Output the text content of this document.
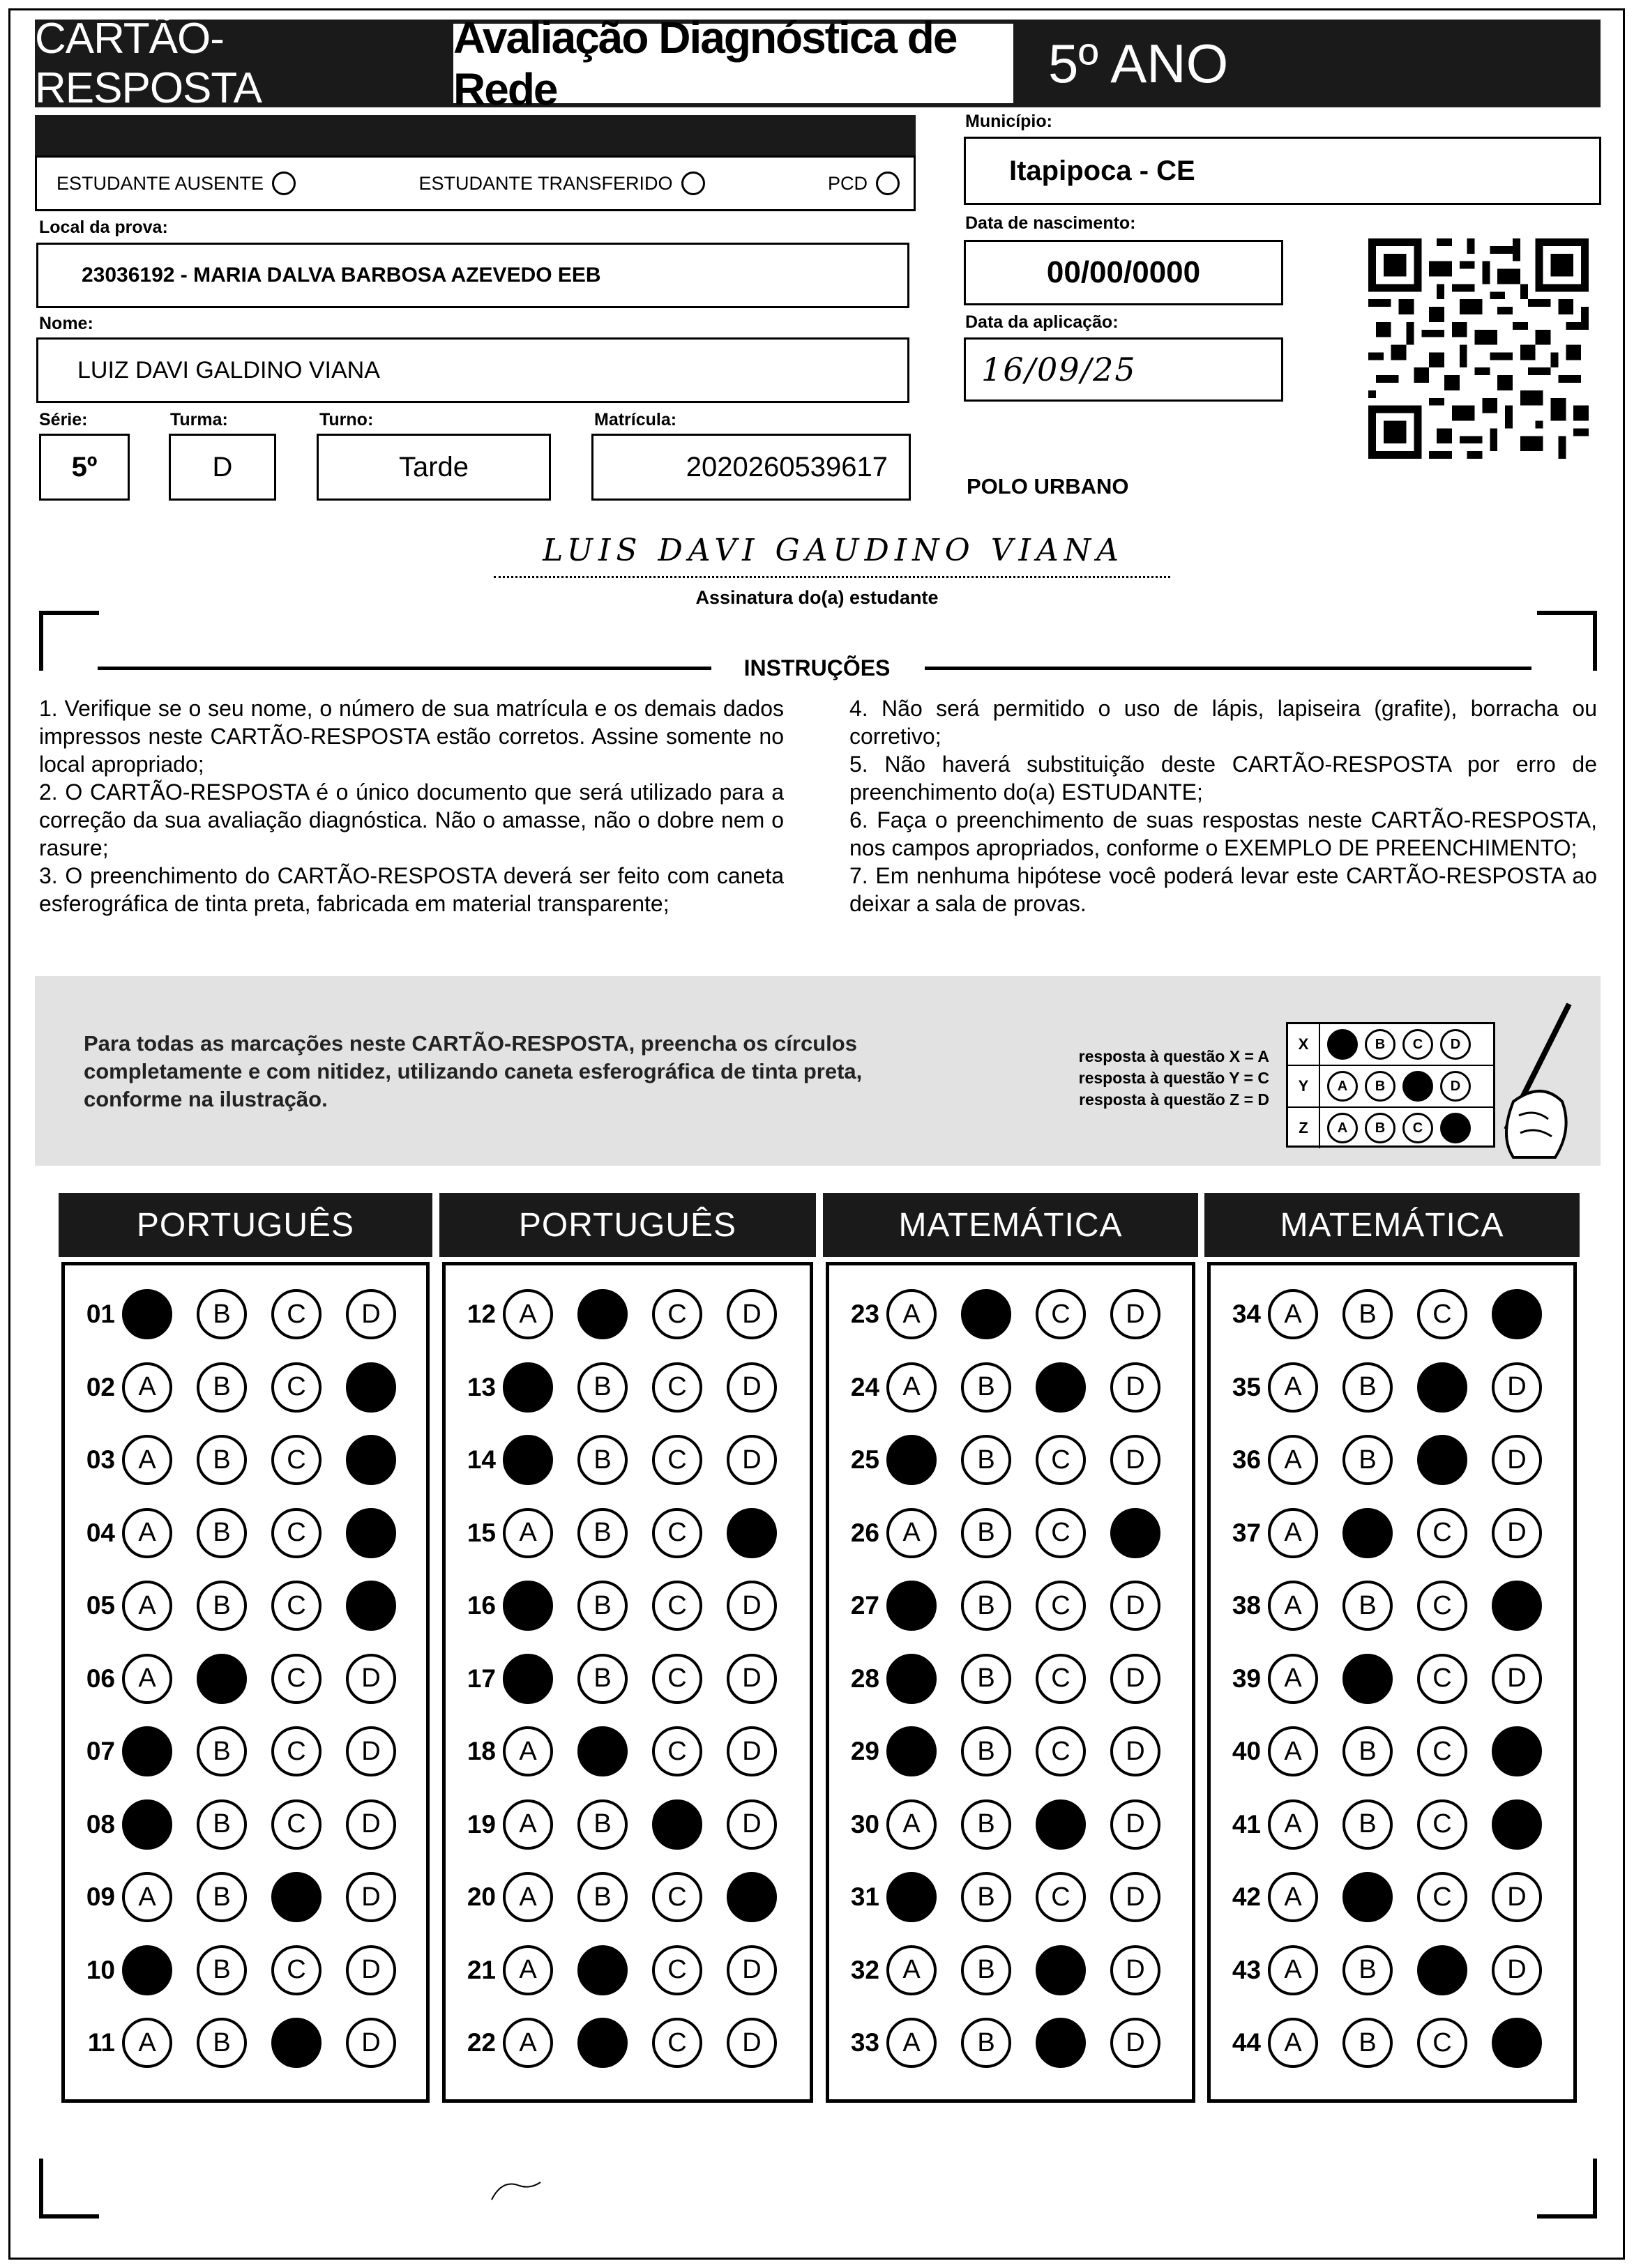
CARTÃO-RESPOSTA
Avaliação Diagnóstica de Rede	5º ANO
ESTUDANTE AUSENTE	ESTUDANTE TRANSFERIDO	PCD
Local da prova:
23036192 - MARIA DALVA BARBOSA AZEVEDO EEB
Nome:
LUIZ DAVI GALDINO VIANA
Série:	Turma:	Turno:	Matrícula:
5º	D	Tarde	2020260539617
Município:
Itapipoca - CE
Data de nascimento:
00/00/0000
Data da aplicação:
16/09/25
POLO URBANO
LUIS DAVI GAUDINO VIANA
Assinatura do(a) estudante
INSTRUÇÕES

1. Verifique se o seu nome, o número de sua matrícula e os demais dados impressos neste CARTÃO-RESPOSTA estão corretos. Assine somente no local apropriado;

2. O CARTÃO-RESPOSTA é o único documento que será utilizado para a correção da sua avaliação diagnóstica. Não o amasse, não o dobre nem o rasure;

3. O preenchimento do CARTÃO-RESPOSTA deverá ser feito com caneta esferográfica de tinta preta, fabricada em material transparente;

4. Não será permitido o uso de lápis, lapiseira (grafite), borracha ou corretivo;

5. Não haverá substituição deste CARTÃO-RESPOSTA por erro de preenchimento do(a) ESTUDANTE;

6. Faça o preenchimento de suas respostas neste CARTÃO-RESPOSTA, nos campos apropriados, conforme o EXEMPLO DE PREENCHIMENTO;

7. Em nenhuma hipótese você poderá levar este CARTÃO-RESPOSTA ao deixar a sala de provas.

Para todas as marcações neste CARTÃO-RESPOSTA, preencha os círculos completamente e com nitidez, utilizando caneta esferográfica de tinta preta, conforme na ilustração.
resposta à questão X = A
resposta à questão Y = C
resposta à questão Z = D
X	A	B	C	D
Y	A	B	C	D
Z	A	B	C	D
PORTUGUÊS
01 A	B	C	D
02 A	B	C	D
03 A	B	C	D
04 A	B	C	D
05 A	B	C	D
06 A	B	C	D
07 A	B	C	D
08 A	B	C	D
09 A	B	C	D
10 A	B	C	D
11 A	B	C	D
PORTUGUÊS
12 A	B	C	D
13 A	B	C	D
14 A	B	C	D
15 A	B	C	D
16 A	B	C	D
17 A	B	C	D
18 A	B	C	D
19 A	B	C	D
20 A	B	C	D
21 A	B	C	D
22 A	B	C	D
MATEMÁTICA
23 A	B	C	D
24 A	B	C	D
25 A	B	C	D
26 A	B	C	D
27 A	B	C	D
28 A	B	C	D
29 A	B	C	D
30 A	B	C	D
31 A	B	C	D
32 A	B	C	D
33 A	B	C	D
MATEMÁTICA
34 A	B	C	D
35 A	B	C	D
36 A	B	C	D
37 A	B	C	D
38 A	B	C	D
39 A	B	C	D
40 A	B	C	D
41 A	B	C	D
42 A	B	C	D
43 A	B	C	D
44 A	B	C	D
